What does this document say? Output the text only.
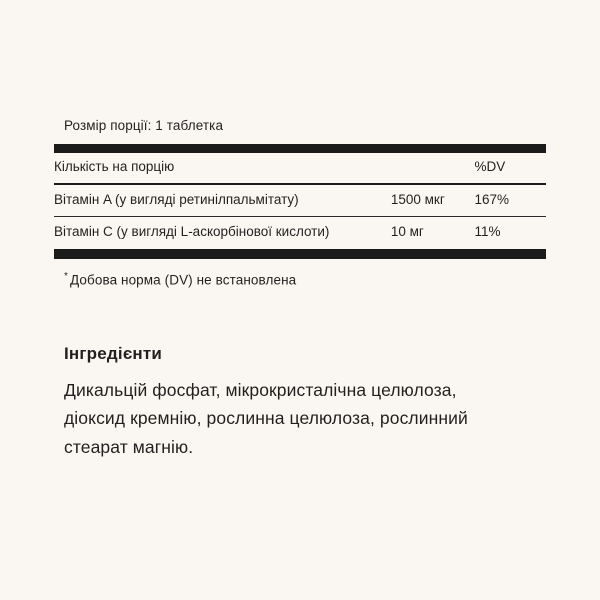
Розмір порції: 1 таблетка
Кількість на порцію		%DV
Вітамін A (у вигляді ретинілпальмітату)	1500 мкг	167%
Вітамін C (у вигляді L-аскорбінової кислоти)	10 мг	11%
* Добова норма (DV) не встановлена
Інгредієнти
Дикальцій фосфат, мікрокристалічна целюлоза, діоксид кремнію, рослинна целюлоза, рослинний стеарат магнію.
